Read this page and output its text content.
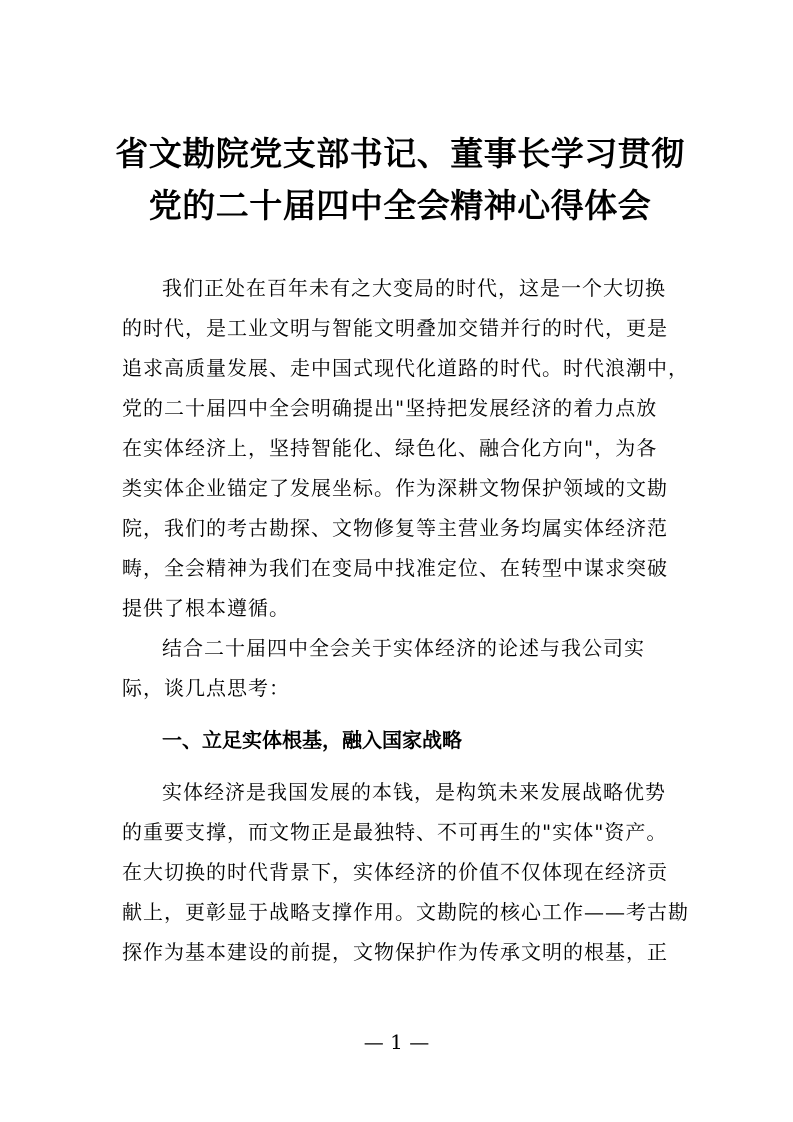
省文勘院党支部书记、董事长学习贯彻
党的二十届四中全会精神心得体会
我们正处在百年未有之大变局的时代，这是一个大切换
的时代，是工业文明与智能文明叠加交错并行的时代，更是
追求高质量发展、走中国式现代化道路的时代。时代浪潮中，
党的二十届四中全会明确提出"坚持把发展经济的着力点放
在实体经济上，坚持智能化、绿色化、融合化方向"，为各
类实体企业锚定了发展坐标。作为深耕文物保护领域的文勘
院，我们的考古勘探、文物修复等主营业务均属实体经济范
畴，全会精神为我们在变局中找准定位、在转型中谋求突破
提供了根本遵循。
结合二十届四中全会关于实体经济的论述与我公司实
际，谈几点思考：
一、立足实体根基，融入国家战略
实体经济是我国发展的本钱，是构筑未来发展战略优势
的重要支撑，而文物正是最独特、不可再生的"实体"资产。
在大切换的时代背景下，实体经济的价值不仅体现在经济贡
献上，更彰显于战略支撑作用。文勘院的核心工作——考古勘
探作为基本建设的前提，文物保护作为传承文明的根基，正
— 1 —
